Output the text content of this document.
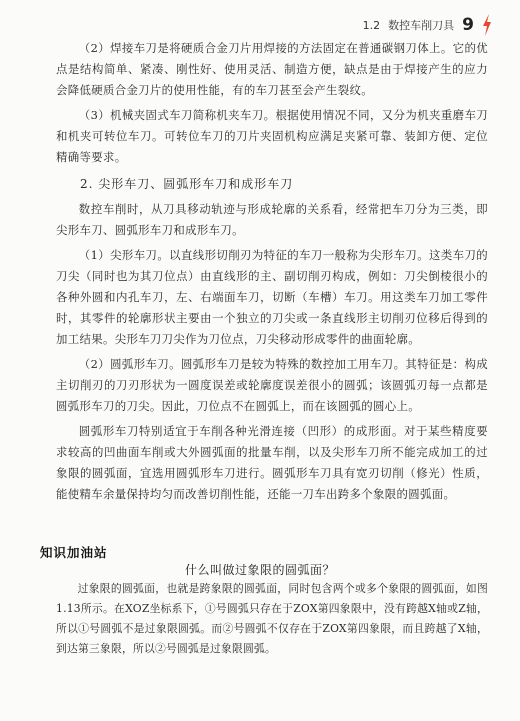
1.2 数控车削刀具 9

（2）焊接车刀是将硬质合金刀片用焊接的方法固定在普通碳钢刀体上。它的优点是结构简单、紧凑、刚性好、使用灵活、制造方便，缺点是由于焊接产生的应力会降低硬质合金刀片的使用性能，有的车刀甚至会产生裂纹。

（3）机械夹固式车刀简称机夹车刀。根据使用情况不同，又分为机夹重磨车刀和机夹可转位车刀。可转位车刀的刀片夹固机构应满足夹紧可靠、装卸方便、定位精确等要求。

2. 尖形车刀、圆弧形车刀和成形车刀

数控车削时，从刀具移动轨迹与形成轮廓的关系看，经常把车刀分为三类，即尖形车刀、圆弧形车刀和成形车刀。

（1）尖形车刀。以直线形切削刃为特征的车刀一般称为尖形车刀。这类车刀的刀尖（同时也为其刀位点）由直线形的主、副切削刃构成，例如：刀尖倒棱很小的各种外圆和内孔车刀，左、右端面车刀，切断（车槽）车刀。用这类车刀加工零件时，其零件的轮廓形状主要由一个独立的刀尖或一条直线形主切削刃位移后得到的加工结果。尖形车刀刀尖作为刀位点，刀尖移动形成零件的曲面轮廓。

（2）圆弧形车刀。圆弧形车刀是较为特殊的数控加工用车刀。其特征是：构成主切削刃的刀刃形状为一圆度误差或轮廓度误差很小的圆弧；该圆弧刃每一点都是圆弧形车刀的刀尖。因此，刀位点不在圆弧上，而在该圆弧的圆心上。

圆弧形车刀特别适宜于车削各种光滑连接（凹形）的成形面。对于某些精度要求较高的凹曲面车削或大外圆弧面的批量车削，以及尖形车刀所不能完成加工的过象限的圆弧面，宜选用圆弧形车刀进行。圆弧形车刀具有宽刃切削（修光）性质，能使精车余量保持均匀而改善切削性能，还能一刀车出跨多个象限的圆弧面。

知识加油站
什么叫做过象限的圆弧面？

过象限的圆弧面，也就是跨象限的圆弧面，同时包含两个或多个象限的圆弧面，如图1.13所示。在XOZ坐标系下，①号圆弧只存在于ZOX第四象限中，没有跨越X轴或Z轴，所以①号圆弧不是过象限圆弧。而②号圆弧不仅存在于ZOX第四象限，而且跨越了X轴，到达第三象限，所以②号圆弧是过象限圆弧。
